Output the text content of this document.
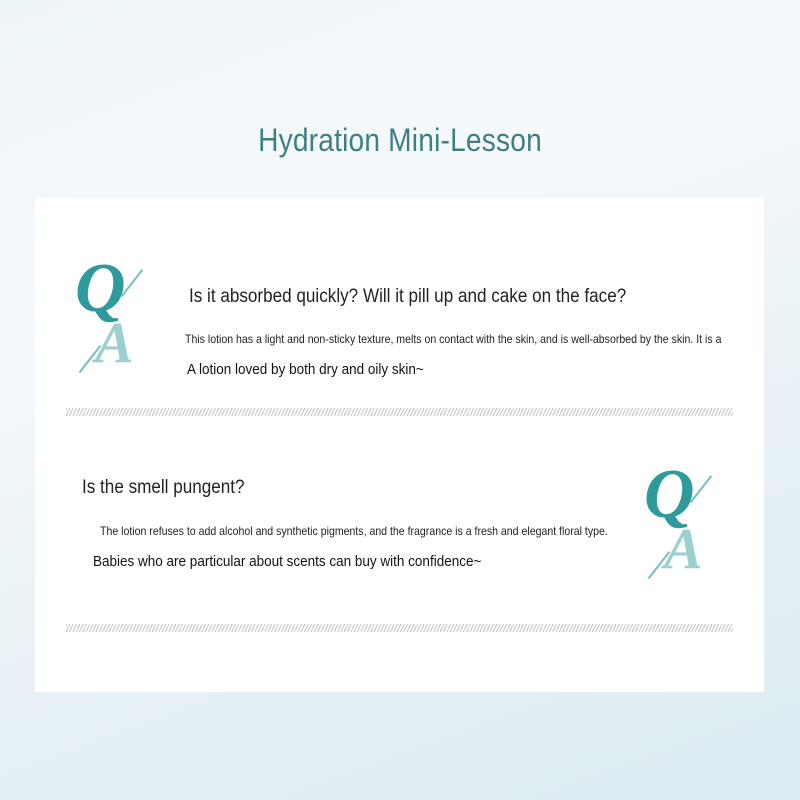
Hydration Mini-Lesson
Q
A
Is it absorbed quickly? Will it pill up and cake on the face?
This lotion has a light and non-sticky texture, melts on contact with the skin, and is well-absorbed by the skin. It is a
A lotion loved by both dry and oily skin~
Is the smell pungent?
The lotion refuses to add alcohol and synthetic pigments, and the fragrance is a fresh and elegant floral type.
Babies who are particular about scents can buy with confidence~
Q
A
